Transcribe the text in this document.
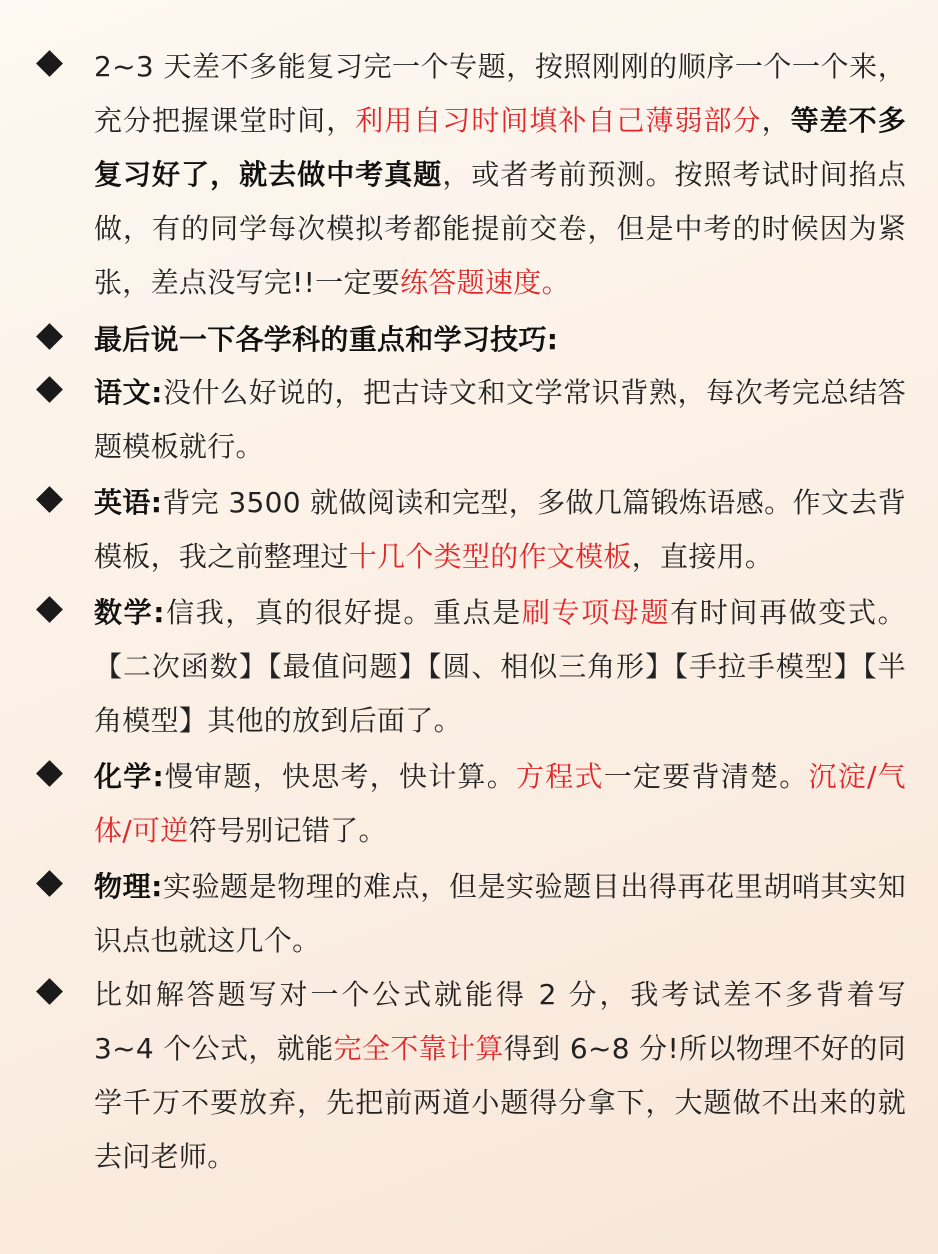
2~3 天差不多能复习完一个专题，按照刚刚的顺序一个一个来，充分把握课堂时间，利用自习时间填补自己薄弱部分，等差不多复习好了，就去做中考真题，或者考前预测。按照考试时间掐点做，有的同学每次模拟考都能提前交卷，但是中考的时候因为紧张，差点没写完!!一定要练答题速度。

最后说一下各学科的重点和学习技巧:

语文:没什么好说的，把古诗文和文学常识背熟，每次考完总结答题模板就行。

英语:背完 3500 就做阅读和完型，多做几篇锻炼语感。作文去背模板，我之前整理过十几个类型的作文模板，直接用。

数学:信我，真的很好提。重点是刷专项母题有时间再做变式。【二次函数】【最值问题】【圆、相似三角形】【手拉手模型】【半角模型】其他的放到后面了。

化学:慢审题，快思考，快计算。方程式一定要背清楚。沉淀/气体/可逆符号别记错了。

物理:实验题是物理的难点，但是实验题目出得再花里胡哨其实知识点也就这几个。

比如解答题写对一个公式就能得 2 分，我考试差不多背着写 3~4 个公式，就能完全不靠计算得到 6~8 分!所以物理不好的同学千万不要放弃，先把前两道小题得分拿下，大题做不出来的就去问老师。
